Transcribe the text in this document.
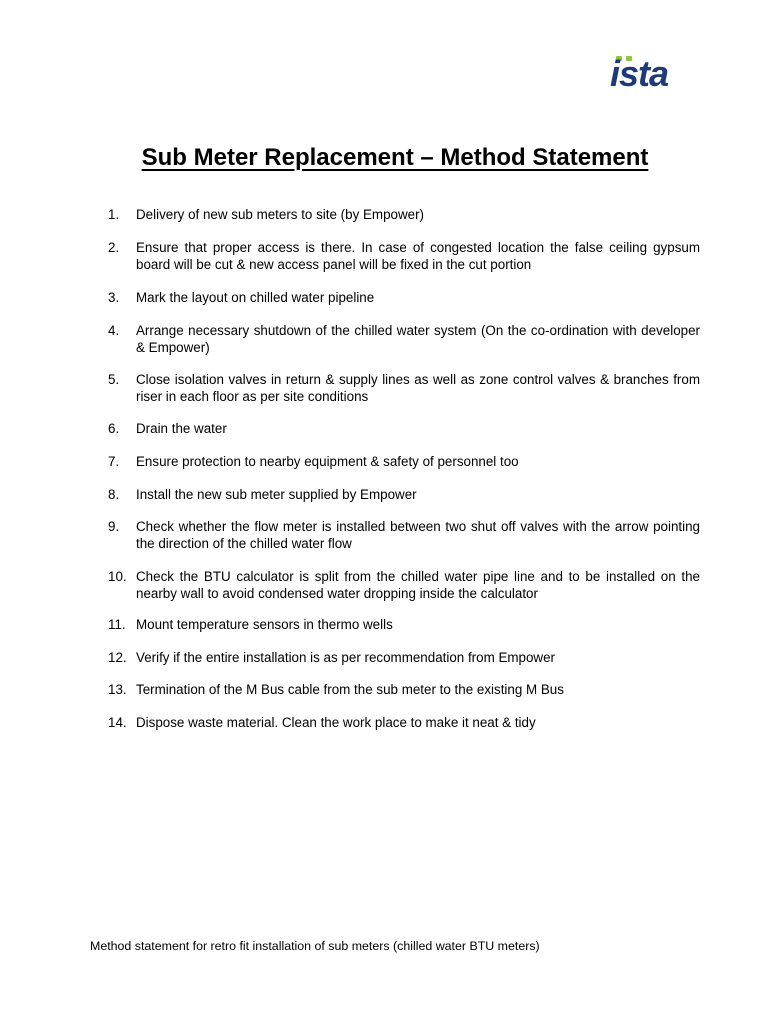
ista
Sub Meter Replacement – Method Statement
1.	Delivery of new sub meters to site (by Empower)
2.	Ensure that proper access is there. In case of congested location the false ceiling gypsum board will be cut & new access panel will be fixed in the cut portion
3.	Mark the layout on chilled water pipeline
4.	Arrange necessary shutdown of the chilled water system (On the co-ordination with developer & Empower)
5.	Close isolation valves in return & supply lines as well as zone control valves & branches from riser in each floor as per site conditions
6.	Drain the water
7.	Ensure protection to nearby equipment & safety of personnel too
8.	Install the new sub meter supplied by Empower
9.	Check whether the flow meter is installed between two shut off valves with the arrow pointing the direction of the chilled water flow
10. Check the BTU calculator is split from the chilled water pipe line and to be installed on the nearby wall to avoid condensed water dropping inside the calculator
11. Mount temperature sensors in thermo wells
12. Verify if the entire installation is as per recommendation from Empower
13. Termination of the M Bus cable from the sub meter to the existing M Bus
14. Dispose waste material. Clean the work place to make it neat & tidy
Method statement for retro fit installation of sub meters (chilled water BTU meters)
